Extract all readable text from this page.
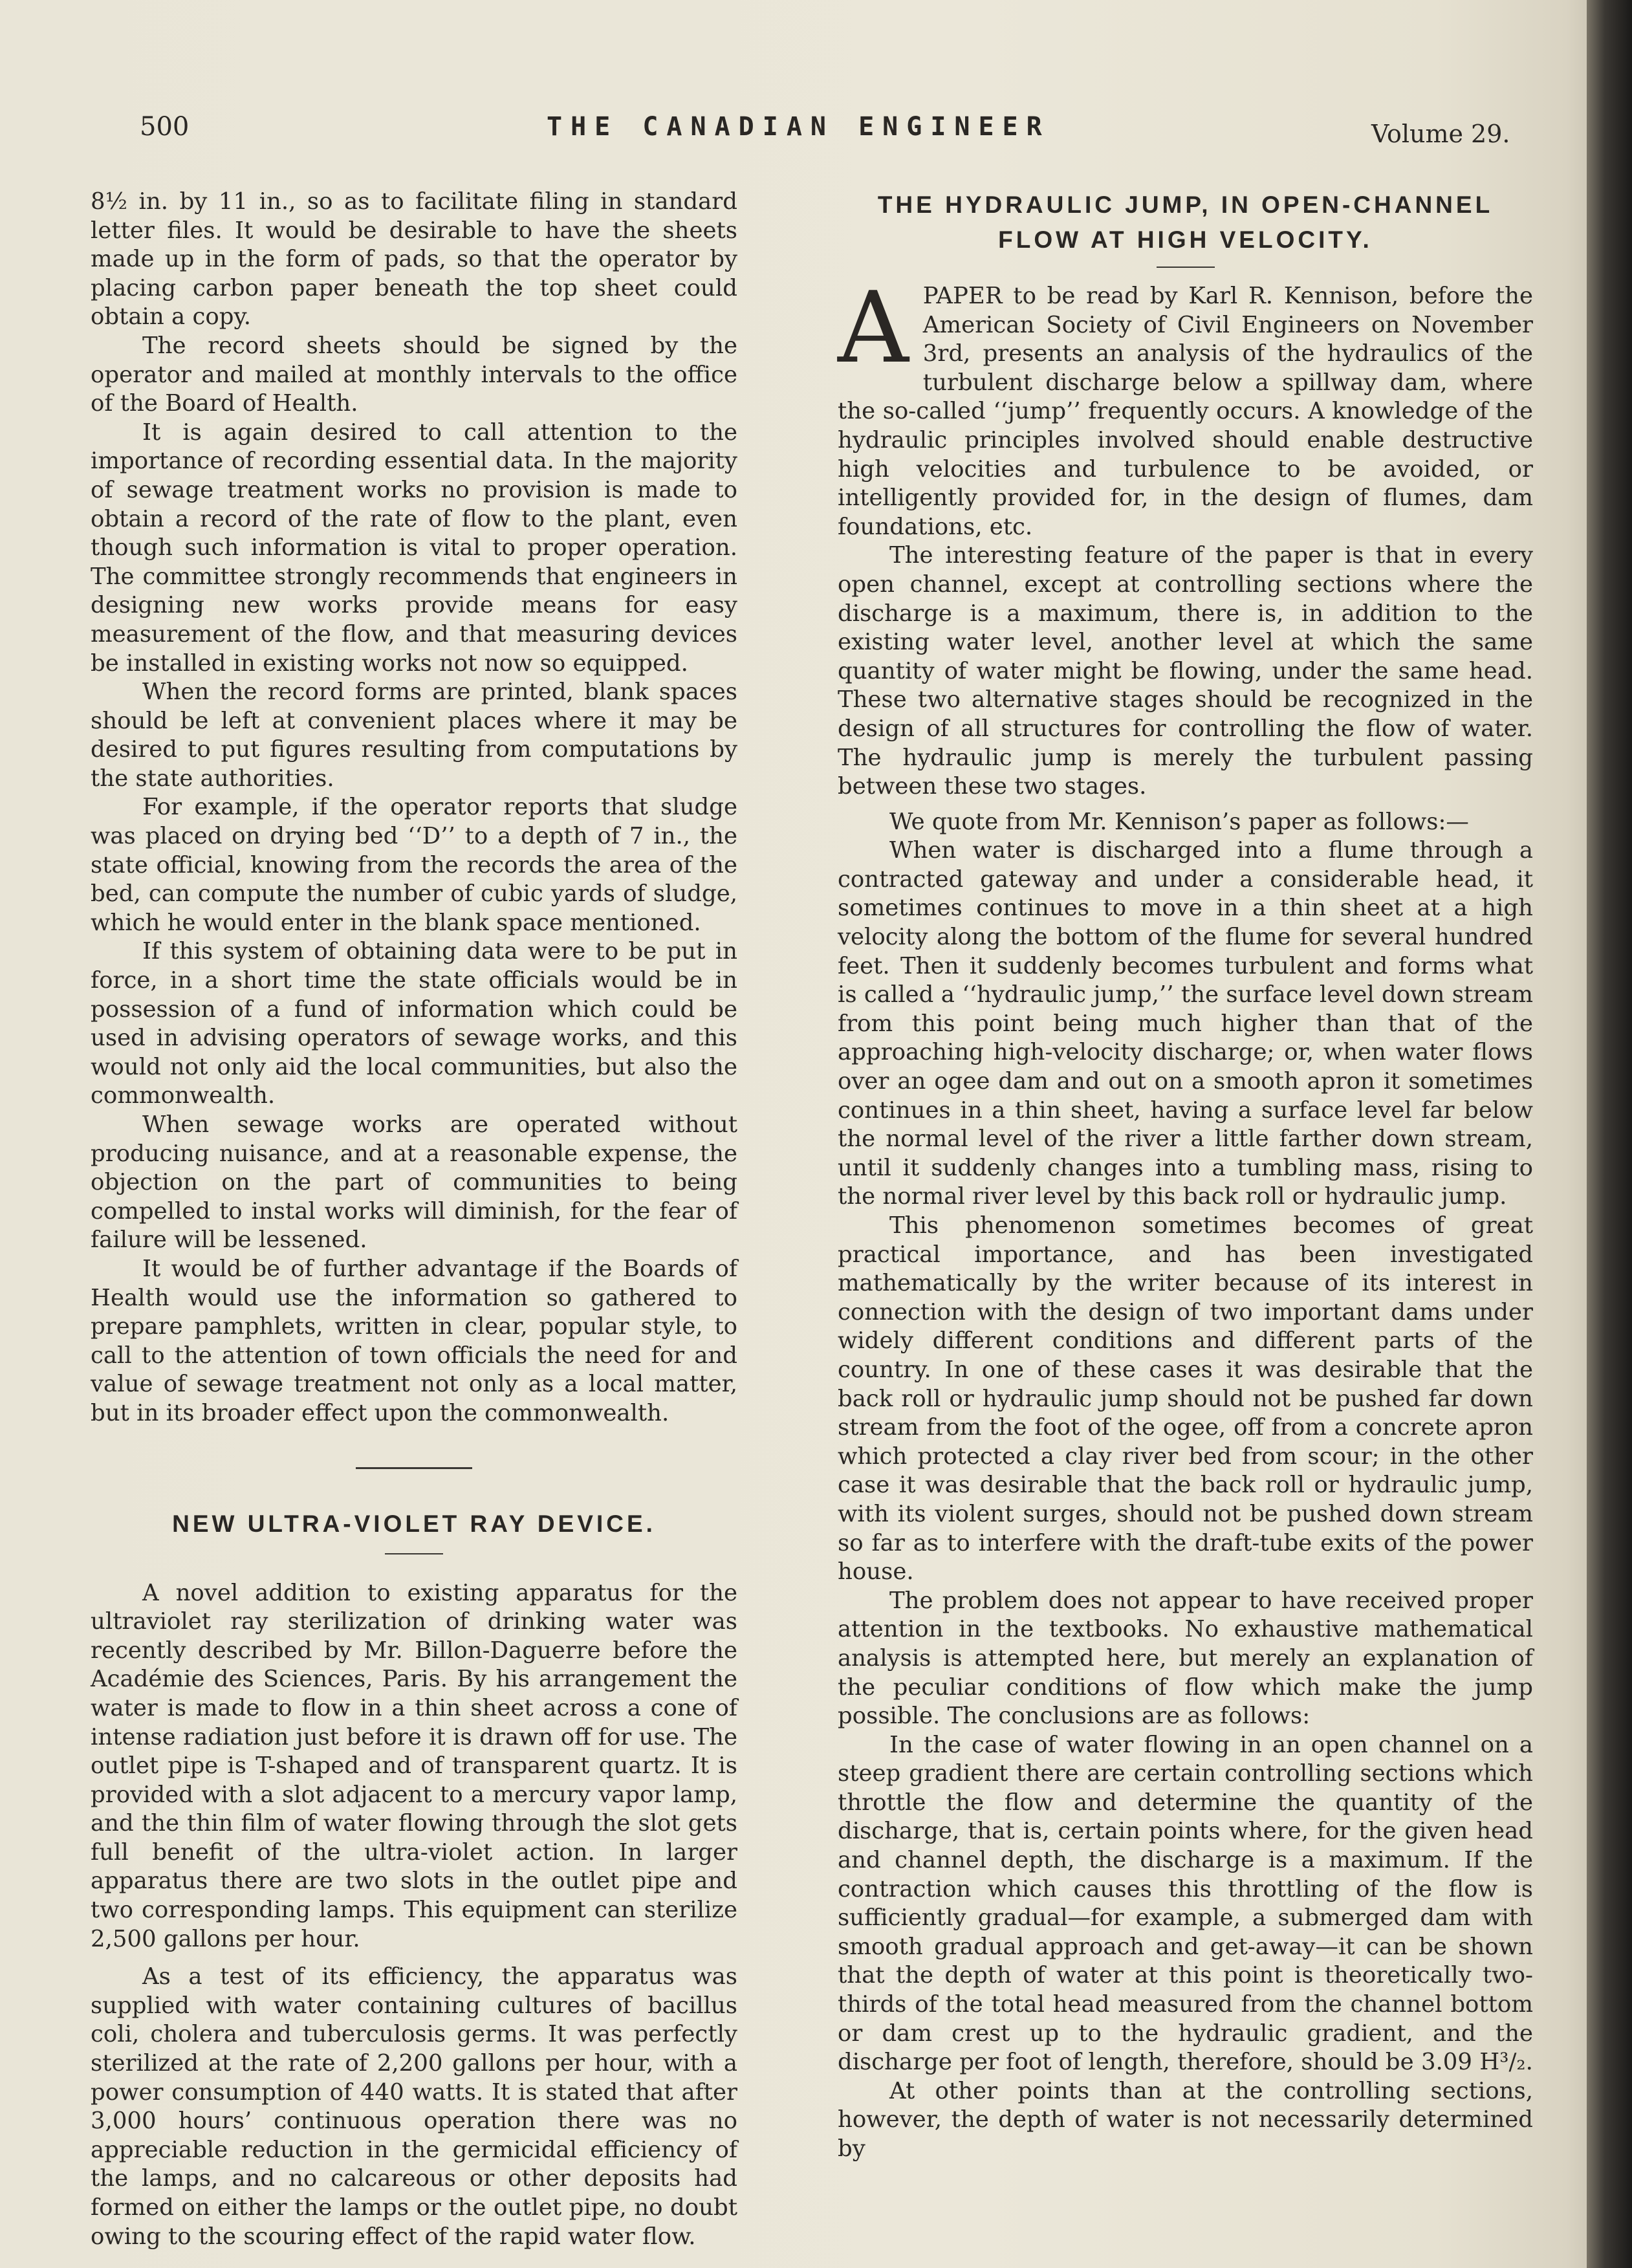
500	THE CANADIAN ENGINEER	Volume 29.

8½ in. by 11 in., so as to facilitate filing in standard letter files. It would be desirable to have the sheets made up in the form of pads, so that the operator by placing carbon paper beneath the top sheet could obtain a copy.

The record sheets should be signed by the operator and mailed at monthly intervals to the office of the Board of Health.

It is again desired to call attention to the importance of recording essential data. In the majority of sewage treatment works no provision is made to obtain a record of the rate of flow to the plant, even though such information is vital to proper operation. The committee strongly recommends that engineers in designing new works provide means for easy measurement of the flow, and that measuring devices be installed in existing works not now so equipped.

When the record forms are printed, blank spaces should be left at convenient places where it may be desired to put figures resulting from computations by the state authorities.

For example, if the operator reports that sludge was placed on drying bed ‘‘D’’ to a depth of 7 in., the state official, knowing from the records the area of the bed, can compute the number of cubic yards of sludge, which he would enter in the blank space mentioned.

If this system of obtaining data were to be put in force, in a short time the state officials would be in possession of a fund of information which could be used in advising operators of sewage works, and this would not only aid the local communities, but also the commonwealth.

When sewage works are operated without producing nuisance, and at a reasonable expense, the objection on the part of communities to being compelled to instal works will diminish, for the fear of failure will be lessened.

It would be of further advantage if the Boards of Health would use the information so gathered to prepare pamphlets, written in clear, popular style, to call to the attention of town officials the need for and value of sewage treatment not only as a local matter, but in its broader effect upon the commonwealth.

NEW ULTRA-VIOLET RAY DEVICE.

A novel addition to existing apparatus for the ultraviolet ray sterilization of drinking water was recently described by Mr. Billon-Daguerre before the Académie des Sciences, Paris. By his arrangement the water is made to flow in a thin sheet across a cone of intense radiation just before it is drawn off for use. The outlet pipe is T-shaped and of transparent quartz. It is provided with a slot adjacent to a mercury vapor lamp, and the thin film of water flowing through the slot gets full benefit of the ultra-violet action. In larger apparatus there are two slots in the outlet pipe and two corresponding lamps. This equipment can sterilize 2,500 gallons per hour.

As a test of its efficiency, the apparatus was supplied with water containing cultures of bacillus coli, cholera and tuberculosis germs. It was perfectly sterilized at the rate of 2,200 gallons per hour, with a power consumption of 440 watts. It is stated that after 3,000 hours’ continuous operation there was no appreciable reduction in the germicidal efficiency of the lamps, and no calcareous or other deposits had formed on either the lamps or the outlet pipe, no doubt owing to the scouring effect of the rapid water flow.

THE HYDRAULIC JUMP, IN OPEN-CHANNEL FLOW AT HIGH VELOCITY.

APAPER to be read by Karl R. Kennison, before the American Society of Civil Engineers on November 3rd, presents an analysis of the hydraulics of the turbulent discharge below a spillway dam, where the so-called ‘‘jump’’ frequently occurs. A knowledge of the hydraulic principles involved should enable destructive high velocities and turbulence to be avoided, or intelligently provided for, in the design of flumes, dam foundations, etc.

The interesting feature of the paper is that in every open channel, except at controlling sections where the discharge is a maximum, there is, in addition to the existing water level, another level at which the same quantity of water might be flowing, under the same head. These two alternative stages should be recognized in the design of all structures for controlling the flow of water. The hydraulic jump is merely the turbulent passing between these two stages.

We quote from Mr. Kennison’s paper as follows:—

When water is discharged into a flume through a contracted gateway and under a considerable head, it sometimes continues to move in a thin sheet at a high velocity along the bottom of the flume for several hundred feet. Then it suddenly becomes turbulent and forms what is called a ‘‘hydraulic jump,’’ the surface level down stream from this point being much higher than that of the approaching high-velocity discharge; or, when water flows over an ogee dam and out on a smooth apron it sometimes continues in a thin sheet, having a surface level far below the normal level of the river a little farther down stream, until it suddenly changes into a tumbling mass, rising to the normal river level by this back roll or hydraulic jump.

This phenomenon sometimes becomes of great practical importance, and has been investigated mathematically by the writer because of its interest in connection with the design of two important dams under widely different conditions and different parts of the country. In one of these cases it was desirable that the back roll or hydraulic jump should not be pushed far down stream from the foot of the ogee, off from a concrete apron which protected a clay river bed from scour; in the other case it was desirable that the back roll or hydraulic jump, with its violent surges, should not be pushed down stream so far as to interfere with the draft-tube exits of the power house.

The problem does not appear to have received proper attention in the textbooks. No exhaustive mathematical analysis is attempted here, but merely an explanation of the peculiar conditions of flow which make the jump possible. The conclusions are as follows:

In the case of water flowing in an open channel on a steep gradient there are certain controlling sections which throttle the flow and determine the quantity of the discharge, that is, certain points where, for the given head and channel depth, the discharge is a maximum. If the contraction which causes this throttling of the flow is sufficiently gradual—for example, a submerged dam with smooth gradual approach and get-away—it can be shown that the depth of water at this point is theoretically two-thirds of the total head measured from the channel bottom or dam crest up to the hydraulic gradient, and the discharge per foot of length, therefore, should be 3.09 H³/₂.

At other points than at the controlling sections, however, the depth of water is not necessarily determined by
